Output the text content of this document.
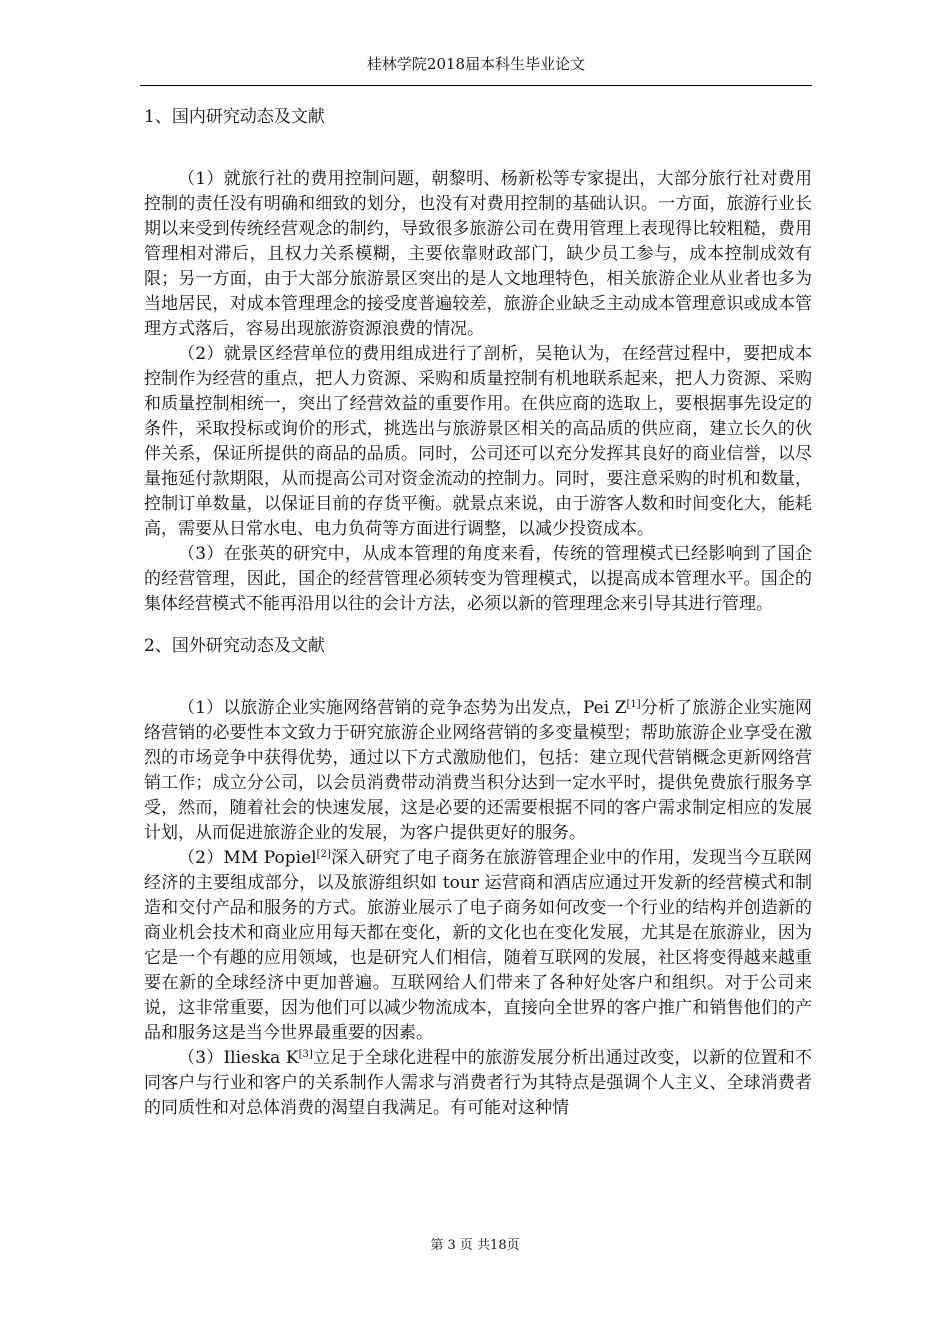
桂林学院2018届本科生毕业论文
1、国内研究动态及文献

（1）就旅行社的费用控制问题，朝黎明、杨新松等专家提出，大部分旅行社对费用控制的责任没有明确和细致的划分，也没有对费用控制的基础认识。一方面，旅游行业长期以来受到传统经营观念的制约，导致很多旅游公司在费用管理上表现得比较粗糙，费用管理相对滞后，且权力关系模糊，主要依靠财政部门，缺少员工参与，成本控制成效有限；另一方面，由于大部分旅游景区突出的是人文地理特色，相关旅游企业从业者也多为当地居民，对成本管理理念的接受度普遍较差，旅游企业缺乏主动成本管理意识或成本管理方式落后，容易出现旅游资源浪费的情况。

（2）就景区经营单位的费用组成进行了剖析，吴艳认为，在经营过程中，要把成本控制作为经营的重点，把人力资源、采购和质量控制有机地联系起来，把人力资源、采购和质量控制相统一，突出了经营效益的重要作用。在供应商的选取上，要根据事先设定的条件，采取投标或询价的形式，挑选出与旅游景区相关的高品质的供应商，建立长久的伙伴关系，保证所提供的商品的品质。同时，公司还可以充分发挥其良好的商业信誉，以尽量拖延付款期限，从而提高公司对资金流动的控制力。同时，要注意采购的时机和数量，控制订单数量，以保证目前的存货平衡。就景点来说，由于游客人数和时间变化大，能耗高，需要从日常水电、电力负荷等方面进行调整，以减少投资成本。

（3）在张英的研究中，从成本管理的角度来看，传统的管理模式已经影响到了国企的经营管理，因此，国企的经营管理必须转变为管理模式，以提高成本管理水平。国企的集体经营模式不能再沿用以往的会计方法，必须以新的管理理念来引导其进行管理。

2、国外研究动态及文献

（1）以旅游企业实施网络营销的竞争态势为出发点，Pei Z[1]分析了旅游企业实施网络营销的必要性本文致力于研究旅游企业网络营销的多变量模型；帮助旅游企业享受在激烈的市场竞争中获得优势，通过以下方式激励他们，包括：建立现代营销概念更新网络营销工作；成立分公司，以会员消费带动消费当积分达到一定水平时，提供免费旅行服务享受，然而，随着社会的快速发展，这是必要的还需要根据不同的客户需求制定相应的发展计划，从而促进旅游企业的发展，为客户提供更好的服务。

（2）MM Popiel[2]深入研究了电子商务在旅游管理企业中的作用，发现当今互联网经济的主要组成部分，以及旅游组织如 tour 运营商和酒店应通过开发新的经营模式和制造和交付产品和服务的方式。旅游业展示了电子商务如何改变一个行业的结构并创造新的商业机会技术和商业应用每天都在变化，新的文化也在变化发展，尤其是在旅游业，因为它是一个有趣的应用领域，也是研究人们相信，随着互联网的发展，社区将变得越来越重要在新的全球经济中更加普遍。互联网给人们带来了各种好处客户和组织。对于公司来说，这非常重要，因为他们可以减少物流成本，直接向全世界的客户推广和销售他们的产品和服务这是当今世界最重要的因素。

（3）Ilieska K[3]立足于全球化进程中的旅游发展分析出通过改变，以新的位置和不同客户与行业和客户的关系制作人需求与消费者行为其特点是强调个人主义、全球消费者的同质性和对总体消费的渴望自我满足。有可能对这种情

第 3 页 共18页
